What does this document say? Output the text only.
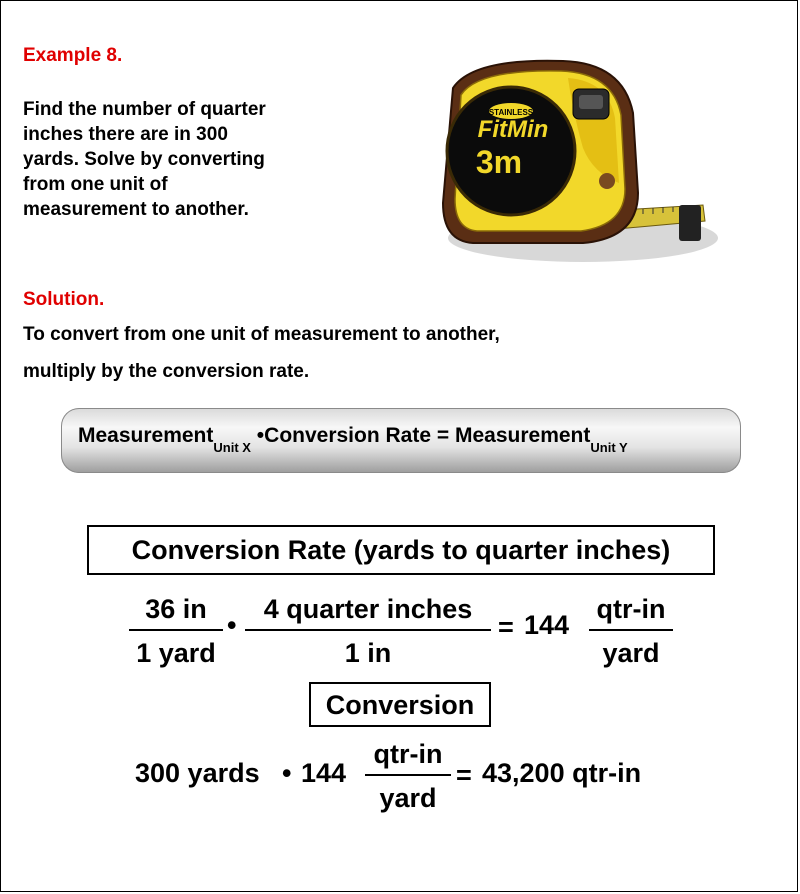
Example 8.
Find the number of quarter
inches there are in 300
yards. Solve by converting
from one unit of
measurement to another.
STAINLESS
FitMin
3m
Solution.
To convert from one unit of measurement to another,
multiply by the conversion rate.
Measurement$_{Unit X}$ •Conversion Rate = Measurement$_{Unit Y}$
Conversion Rate (yards to quarter inches)
36 in
1 yard
•
4 quarter inches
1 in
= 144
qtr-in
yard
Conversion
300 yards • 144
qtr-in
yard
= 43,200 qtr-in
